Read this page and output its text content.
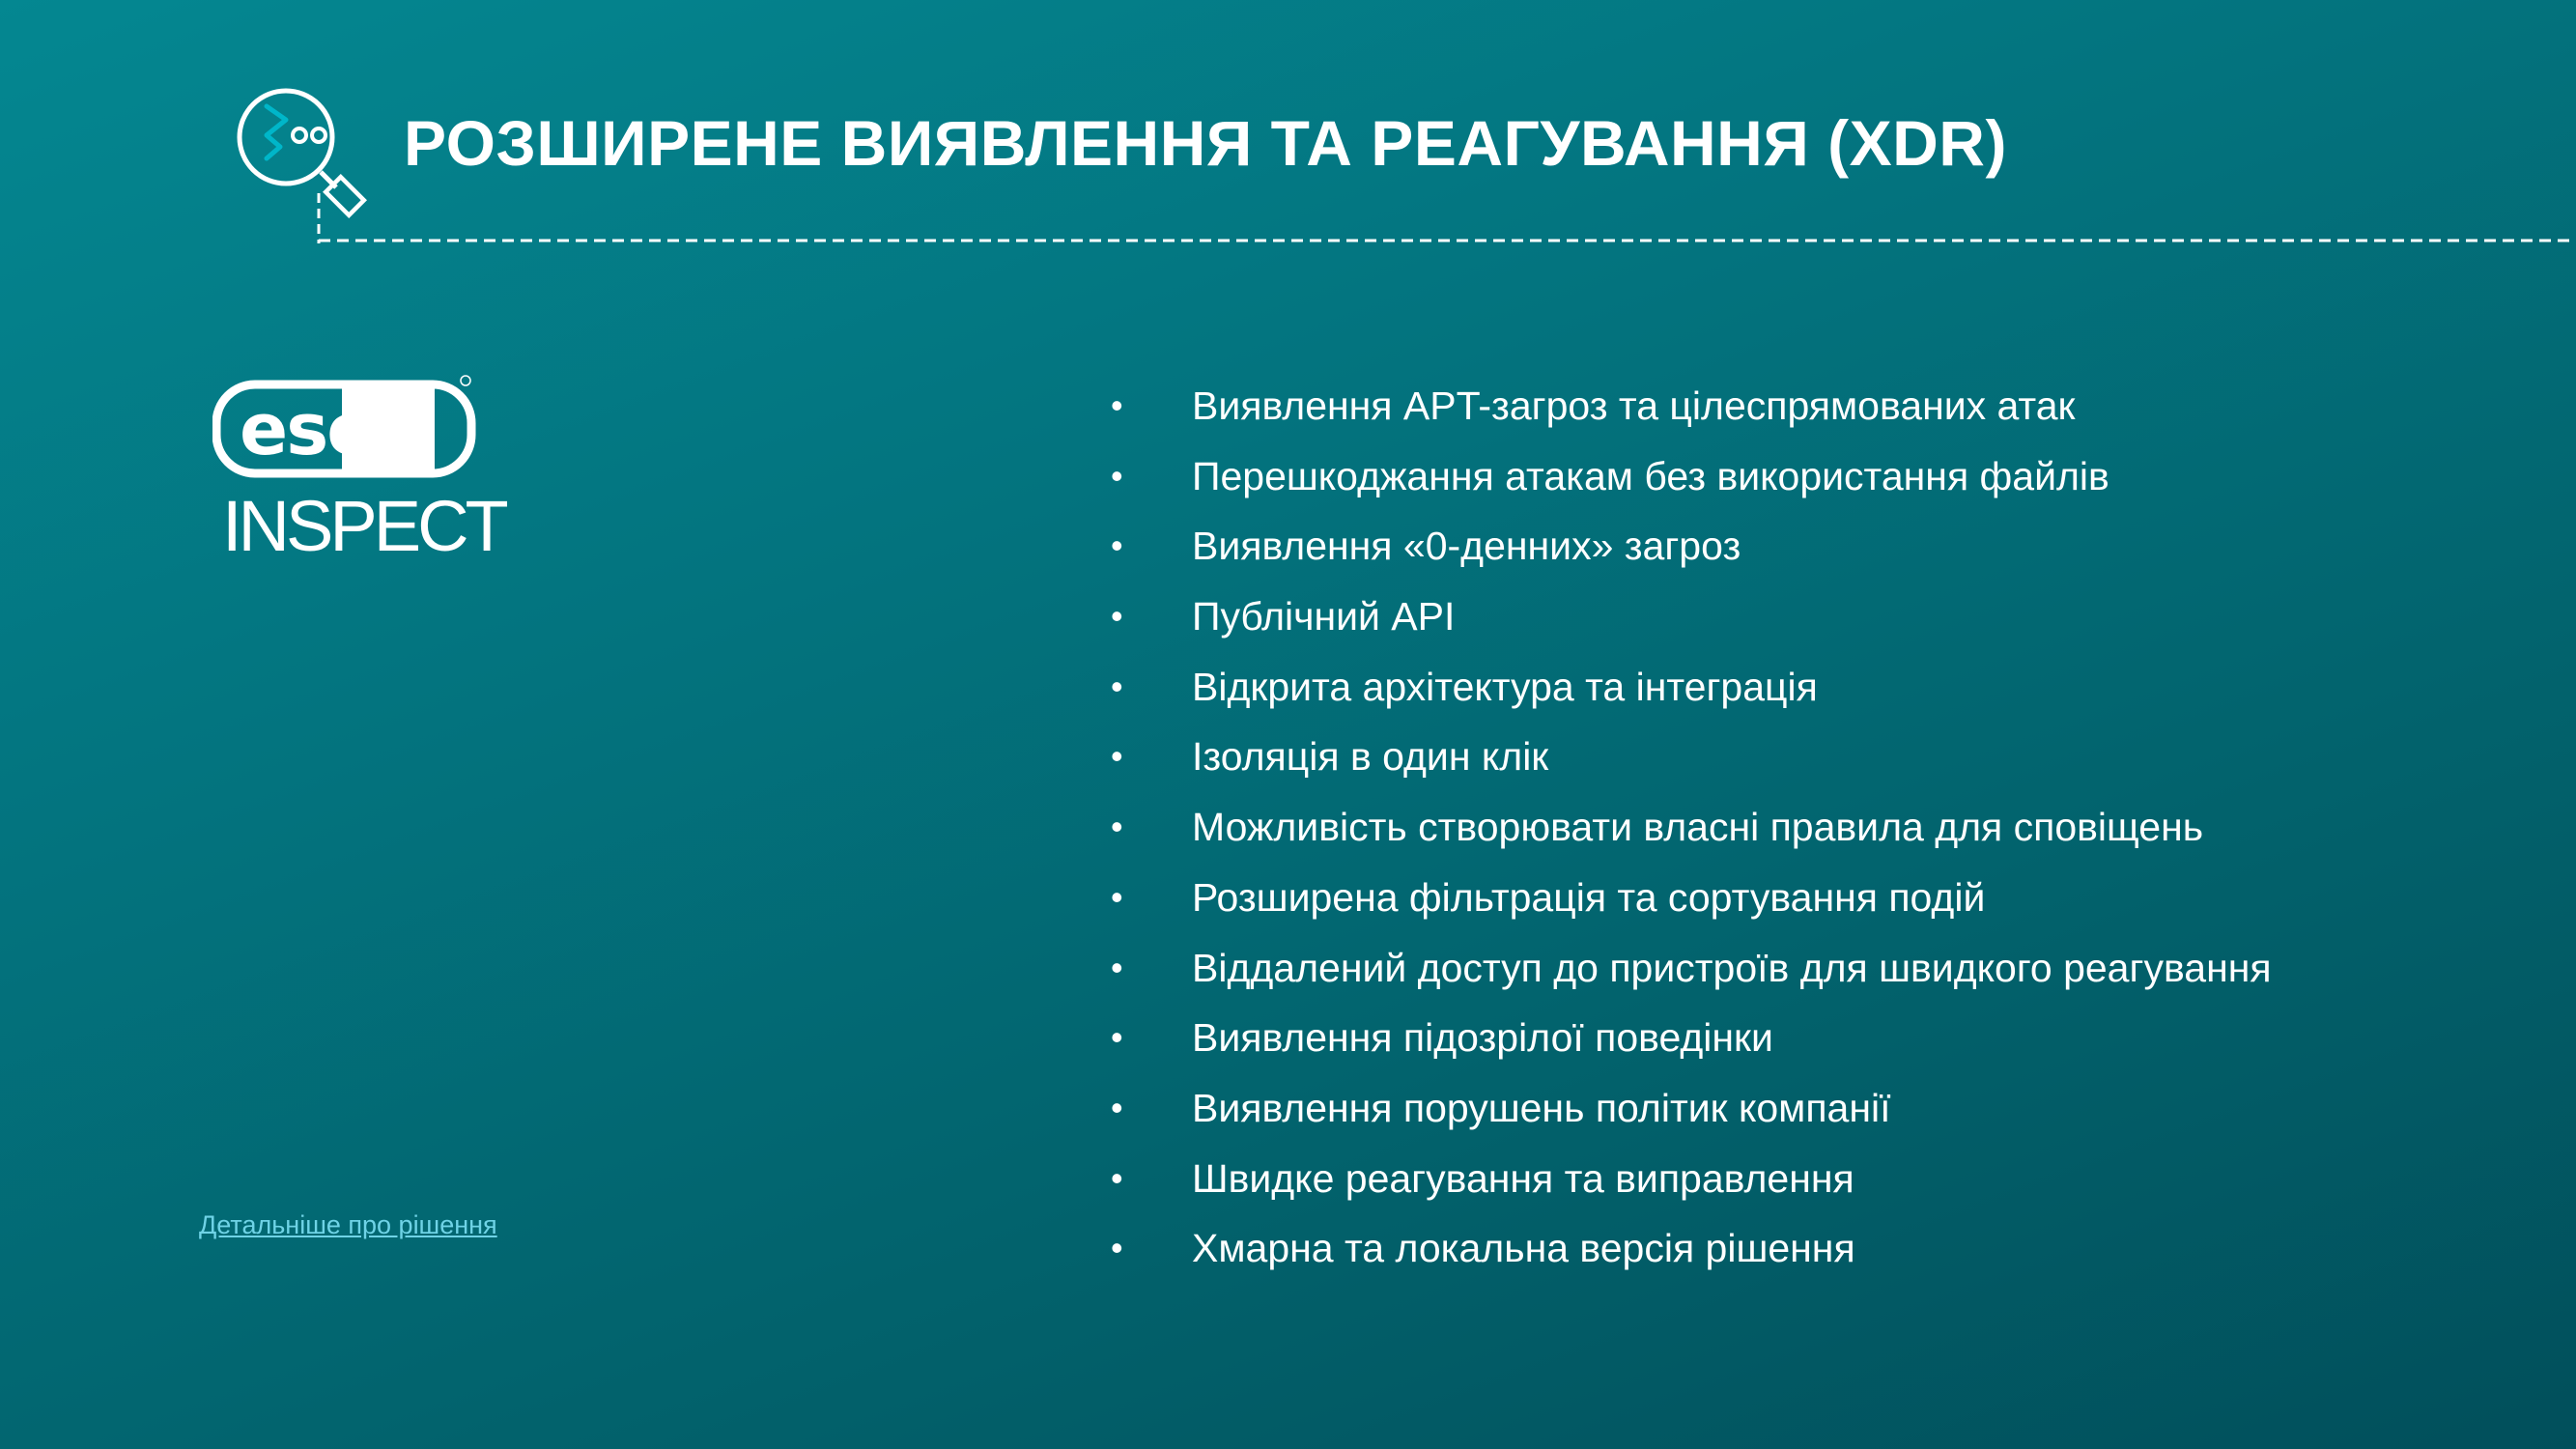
РОЗШИРЕНЕ ВИЯВЛЕННЯ ТА РЕАГУВАННЯ (XDR)
eset
INSPECT
Детальніше про рішення
• Виявлення APT-загроз та цілеспрямованих атак
• Перешкоджання атакам без використання файлів
• Виявлення «0-денних» загроз
• Публічний API
• Відкрита архітектура та інтеграція
• Ізоляція в один клік
• Можливість створювати власні правила для сповіщень
• Розширена фільтрація та сортування подій
• Віддалений доступ до пристроїв для швидкого реагування
• Виявлення підозрілої поведінки
• Виявлення порушень політик компанії
• Швидке реагування та виправлення
• Хмарна та локальна версія рішення
